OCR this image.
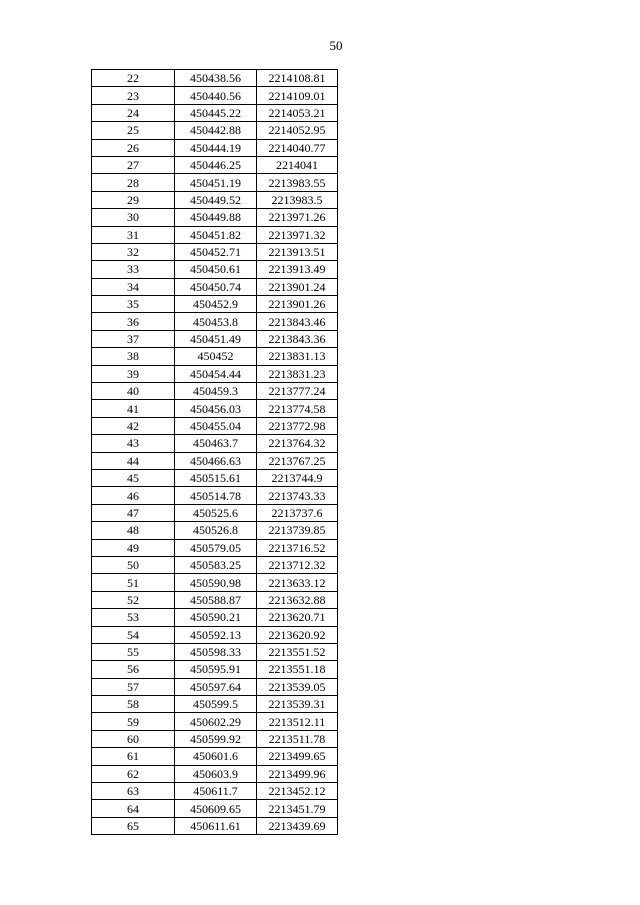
50
22	450438.56	2214108.81
23	450440.56	2214109.01
24	450445.22	2214053.21
25	450442.88	2214052.95
26	450444.19	2214040.77
27	450446.25	2214041
28	450451.19	2213983.55
29	450449.52	2213983.5
30	450449.88	2213971.26
31	450451.82	2213971.32
32	450452.71	2213913.51
33	450450.61	2213913.49
34	450450.74	2213901.24
35	450452.9	2213901.26
36	450453.8	2213843.46
37	450451.49	2213843.36
38	450452	2213831.13
39	450454.44	2213831.23
40	450459.3	2213777.24
41	450456.03	2213774.58
42	450455.04	2213772.98
43	450463.7	2213764.32
44	450466.63	2213767.25
45	450515.61	2213744.9
46	450514.78	2213743.33
47	450525.6	2213737.6
48	450526.8	2213739.85
49	450579.05	2213716.52
50	450583.25	2213712.32
51	450590.98	2213633.12
52	450588.87	2213632.88
53	450590.21	2213620.71
54	450592.13	2213620.92
55	450598.33	2213551.52
56	450595.91	2213551.18
57	450597.64	2213539.05
58	450599.5	2213539.31
59	450602.29	2213512.11
60	450599.92	2213511.78
61	450601.6	2213499.65
62	450603.9	2213499.96
63	450611.7	2213452.12
64	450609.65	2213451.79
65	450611.61	2213439.69
